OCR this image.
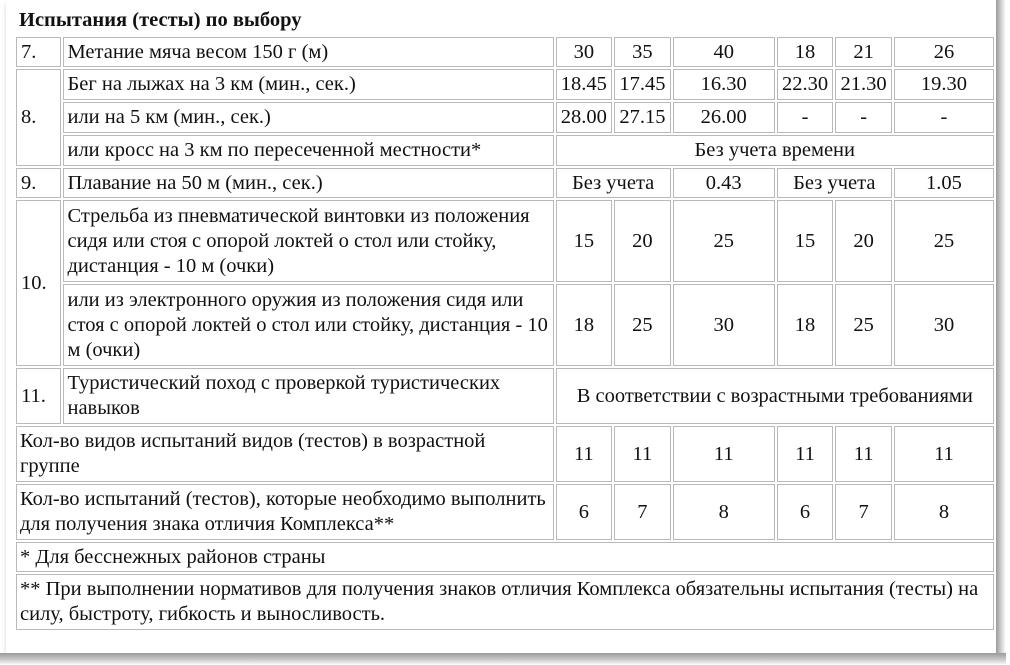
Испытания (тесты) по выбору							
7.	Метание мяча весом 150 г (м)	30	35	40	18	21	26
8.	Бег на лыжах на 3 км (мин., сек.)	18.45	17.45	16.30	22.30	21.30	19.30
	или на 5 км (мин., сек.)	28.00	27.15	26.00	-	-	-
	или кросс на 3 км по пересеченной местности*	Без учета времени					
9.	Плавание на 50 м (мин., сек.)	Без учета		0.43	Без учета		1.05
10.	Стрельба из пневматической винтовки из положения сидя или стоя с опорой локтей о стол или стойку, дистанция - 10 м (очки)	15	20	25	15	20	25
	или из электронного оружия из положения сидя или стоя с опорой локтей о стол или стойку, дистанция - 10 м (очки)	18	25	30	18	25	30
11.	Туристический поход с проверкой туристических навыков	В соответствии с возрастными требованиями					
Кол-во видов испытаний видов (тестов) в возрастной группе		11	11	11	11	11	11
Кол-во испытаний (тестов), которые необходимо выполнить для получения знака отличия Комплекса**		6	7	8	6	7	8
* Для бесснежных районов страны							
** При выполнении нормативов для получения знаков отличия Комплекса обязательны испытания (тесты) на силу, быстроту, гибкость и выносливость.							
